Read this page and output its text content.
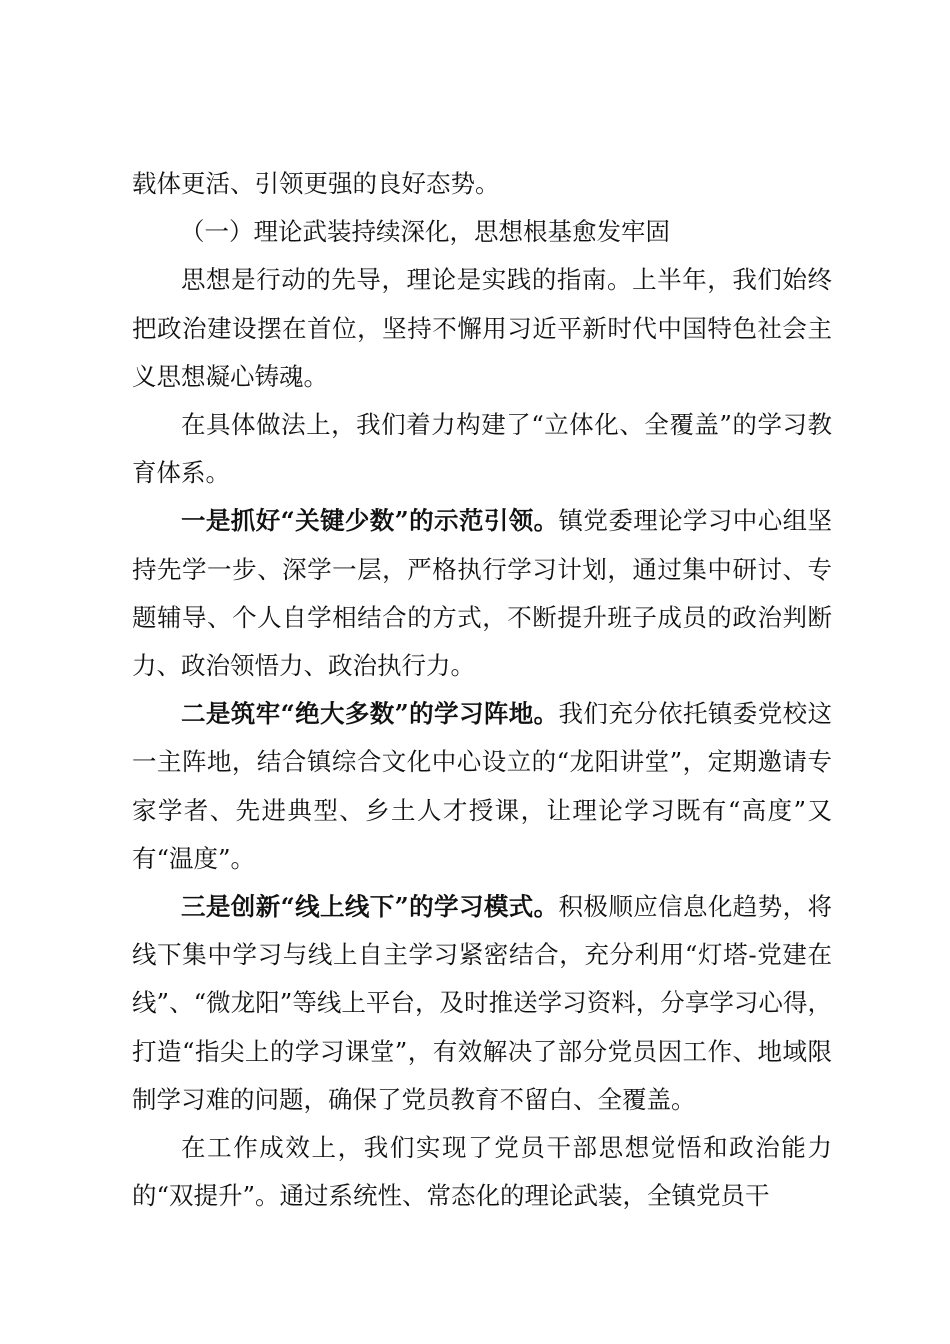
载体更活、引领更强的良好态势。

（一）理论武装持续深化，思想根基愈发牢固

思想是行动的先导，理论是实践的指南。上半年，我们始终把政治建设摆在首位，坚持不懈用习近平新时代中国特色社会主义思想凝心铸魂。

在具体做法上，我们着力构建了“立体化、全覆盖”的学习教育体系。

一是抓好“关键少数”的示范引领。镇党委理论学习中心组坚持先学一步、深学一层，严格执行学习计划，通过集中研讨、专题辅导、个人自学相结合的方式，不断提升班子成员的政治判断力、政治领悟力、政治执行力。

二是筑牢“绝大多数”的学习阵地。我们充分依托镇委党校这一主阵地，结合镇综合文化中心设立的“龙阳讲堂”，定期邀请专家学者、先进典型、乡土人才授课，让理论学习既有“高度”又有“温度”。

三是创新“线上线下”的学习模式。积极顺应信息化趋势，将线下集中学习与线上自主学习紧密结合，充分利用“灯塔-党建在线”、“微龙阳”等线上平台，及时推送学习资料，分享学习心得，打造“指尖上的学习课堂”，有效解决了部分党员因工作、地域限制学习难的问题，确保了党员教育不留白、全覆盖。

在工作成效上，我们实现了党员干部思想觉悟和政治能力的“双提升”。通过系统性、常态化的理论武装，全镇党员干
